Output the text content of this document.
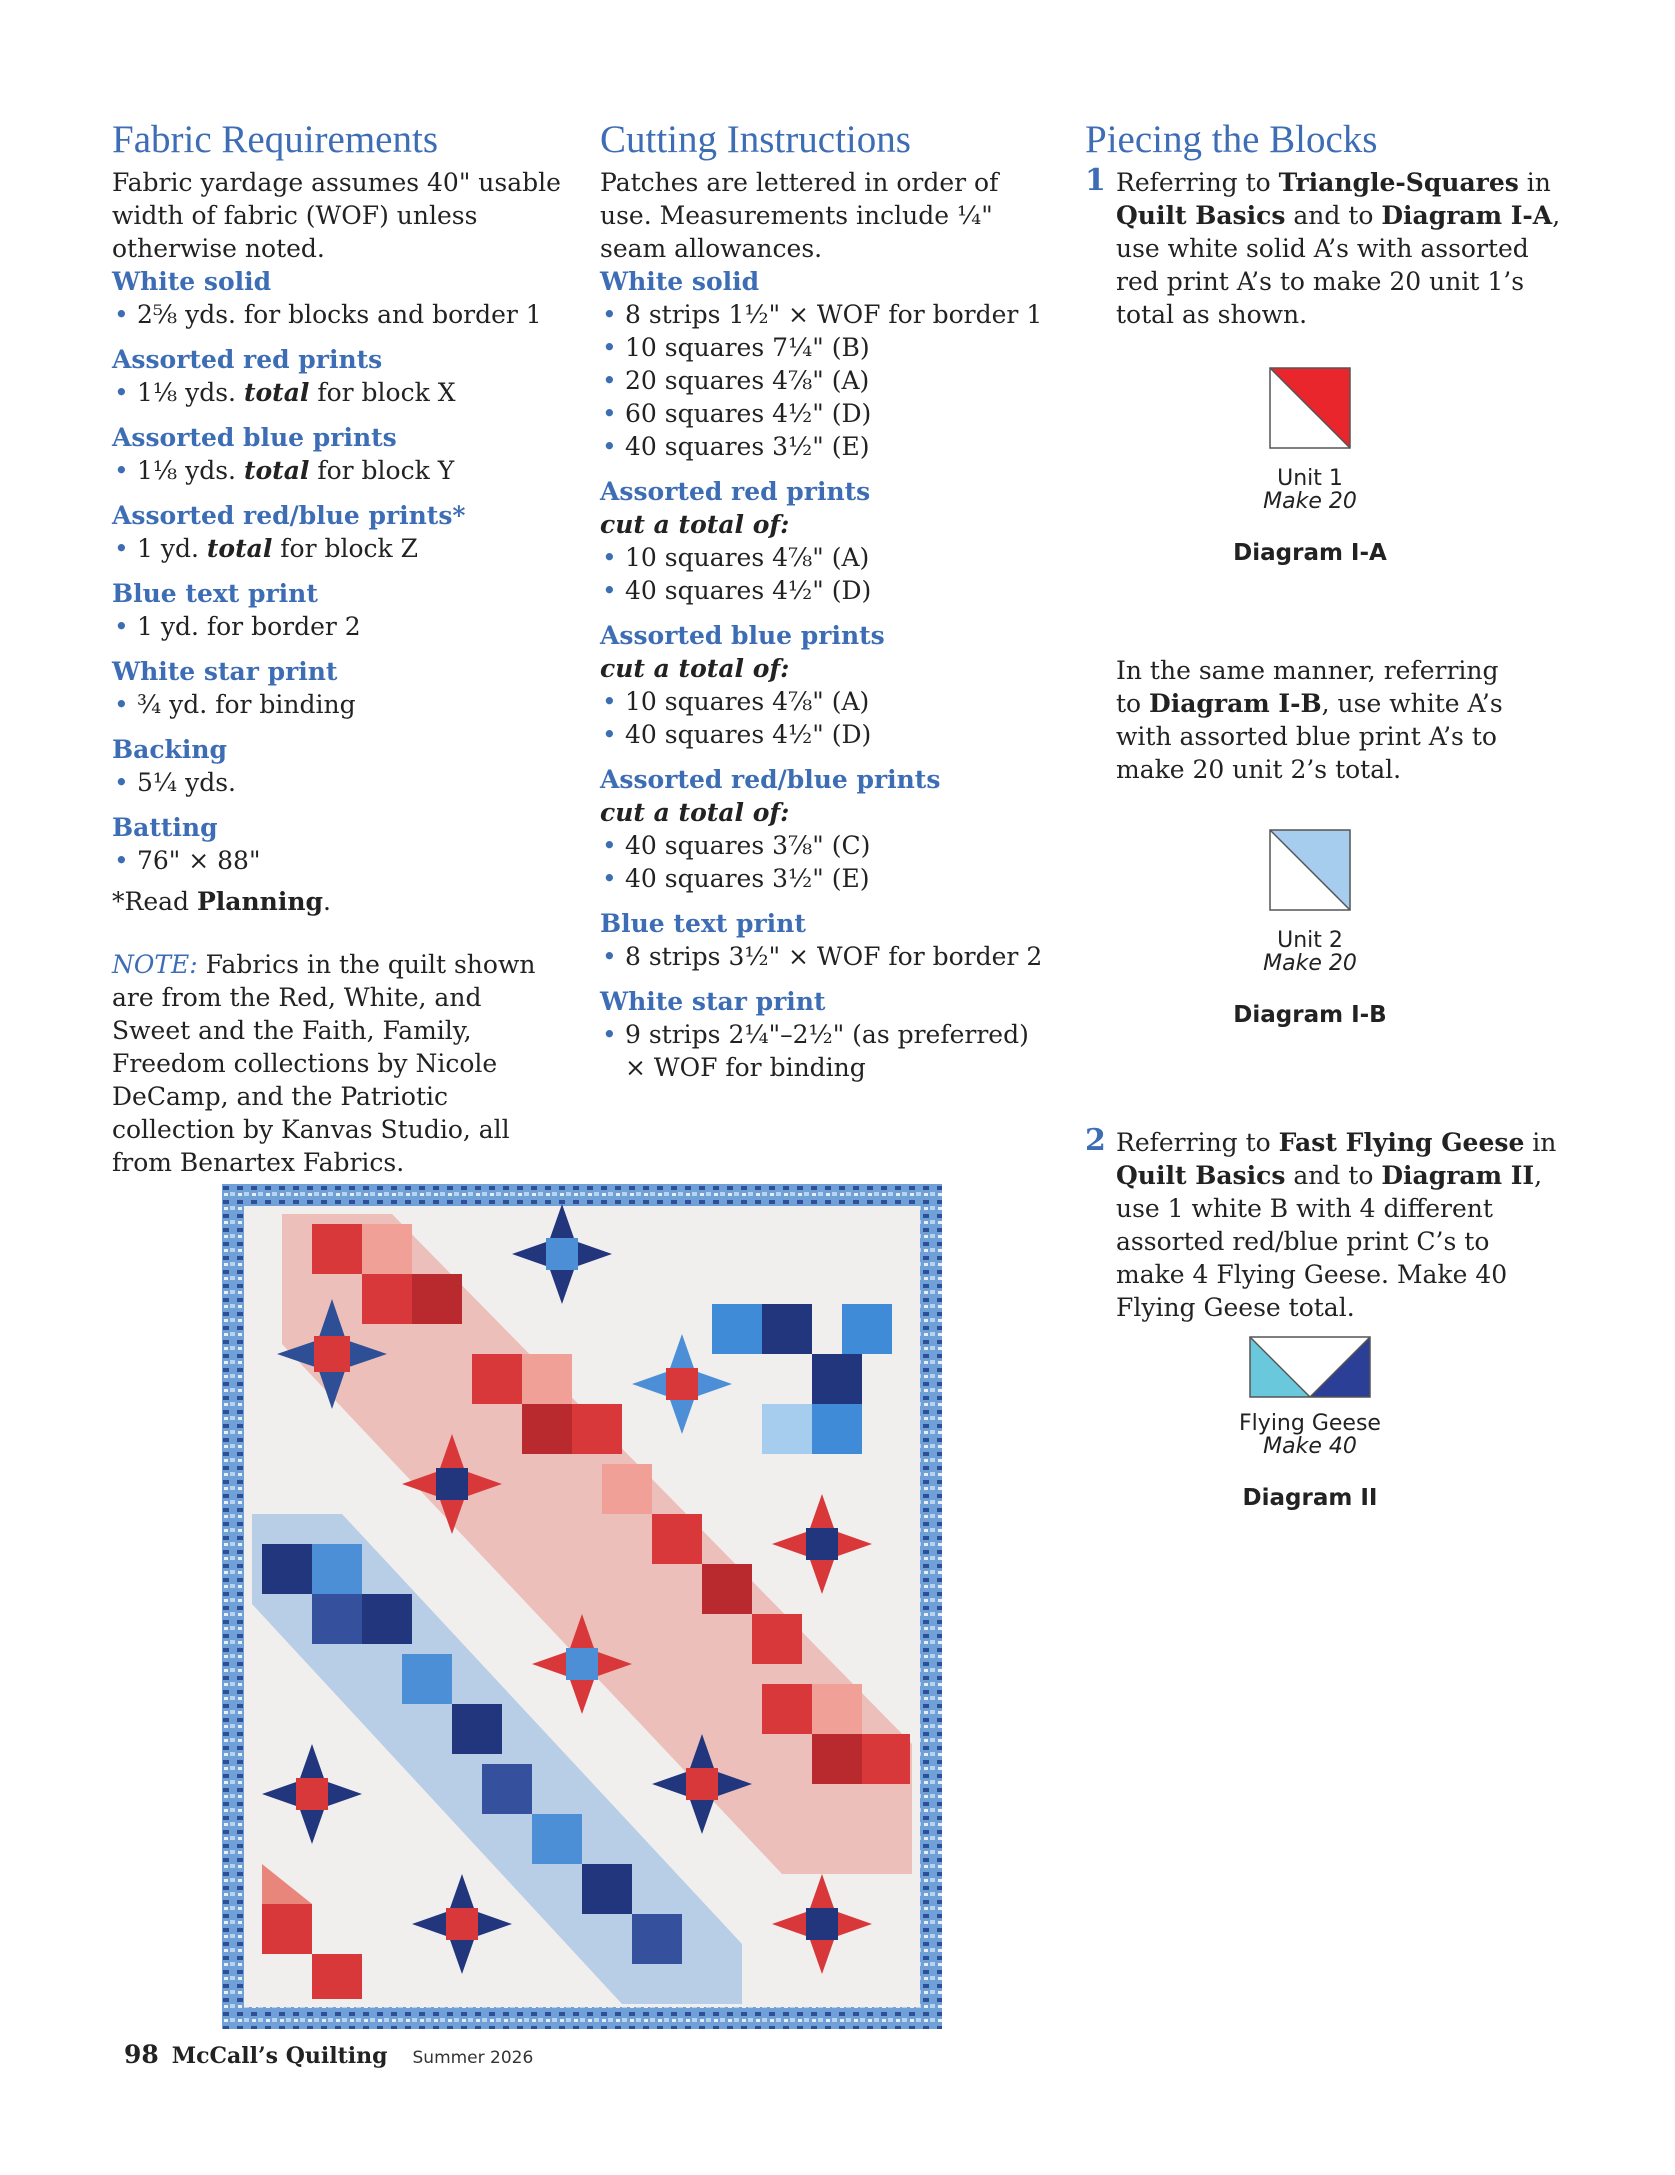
Fabric Requirements

Fabric yardage assumes 40" usable width of fabric (WOF) unless otherwise noted.

White solid
• 2⅝ yds. for blocks and border 1
Assorted red prints
• 1⅛ yds. total for block X
Assorted blue prints
• 1⅛ yds. total for block Y
Assorted red/blue prints*
• 1 yd. total for block Z
Blue text print
• 1 yd. for border 2
White star print
• ¾ yd. for binding
Backing
• 5¼ yds.
Batting
• 76" × 88"

*Read Planning.

NOTE: Fabrics in the quilt shown are from the Red, White, and Sweet and the Faith, Family, Freedom collections by Nicole DeCamp, and the Patriotic collection by Kanvas Studio, all from Benartex Fabrics.

Cutting Instructions

Patches are lettered in order of use. Measurements include ¼" seam allowances.

White solid
• 8 strips 1½" × WOF for border 1
• 10 squares 7¼" (B)
• 20 squares 4⅞" (A)
• 60 squares 4½" (D)
• 40 squares 3½" (E)
Assorted red prints
cut a total of:
• 10 squares 4⅞" (A)
• 40 squares 4½" (D)
Assorted blue prints
cut a total of:
• 10 squares 4⅞" (A)
• 40 squares 4½" (D)
Assorted red/blue prints
cut a total of:
• 40 squares 3⅞" (C)
• 40 squares 3½" (E)
Blue text print
• 8 strips 3½" × WOF for border 2
White star print
• 9 strips 2¼"–2½" (as preferred) × WOF for binding
Piecing the Blocks
1 Referring to Triangle-Squares in Quilt Basics and to Diagram I-A, use white solid A’s with assorted red print A’s to make 20 unit 1’s total as shown.

In the same manner, referring to Diagram I-B, use white A’s with assorted blue print A’s to make 20 unit 2’s total.

2 Referring to Fast Flying Geese in Quilt Basics and to Diagram II, use 1 white B with 4 different assorted red/blue print C’s to make 4 Flying Geese. Make 40 Flying Geese total.
Unit 1
Make 20
Diagram I-A
Unit 2
Make 20
Diagram I-B
Flying Geese
Make 40
Diagram II
98 McCall’s Quilting Summer 2026
